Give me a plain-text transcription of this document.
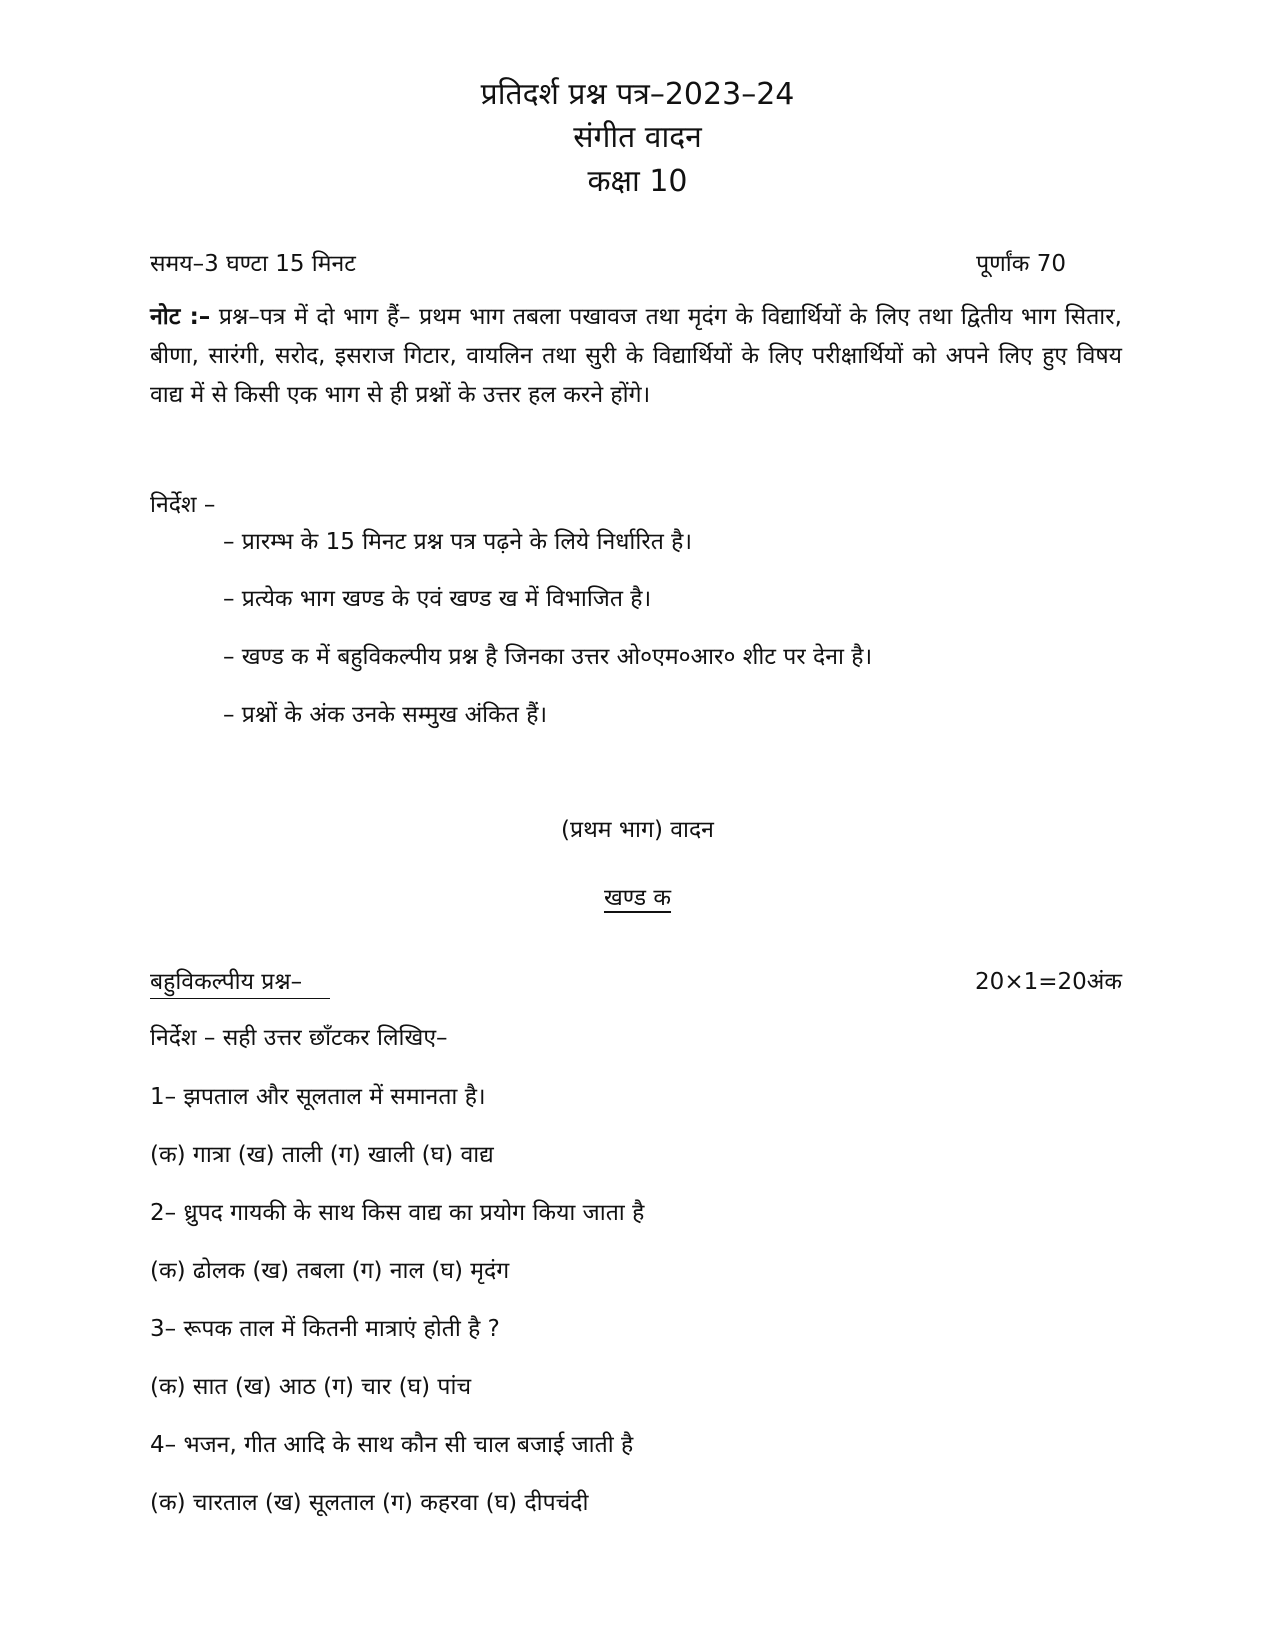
प्रतिदर्श प्रश्न पत्र–2023–24
संगीत वादन
कक्षा 10
समय–3 घण्टा 15 मिनट	पूर्णांक 70
नोट :– प्रश्न–पत्र में दो भाग हैं– प्रथम भाग तबला पखावज तथा मृदंग के विद्यार्थियों के लिए तथा द्वितीय भाग सितार, बीणा, सारंगी, सरोद, इसराज गिटार, वायलिन तथा सुरी के विद्यार्थियों के लिए परीक्षार्थियों को अपने लिए हुए विषय वाद्य में से किसी एक भाग से ही प्रश्नों के उत्तर हल करने होंगे।
निर्देश –
– प्रारम्भ के 15 मिनट प्रश्न पत्र पढ़ने के लिये निर्धारित है।
– प्रत्येक भाग खण्ड के एवं खण्ड ख में विभाजित है।
– खण्ड क में बहुविकल्पीय प्रश्न है जिनका उत्तर ओ०एम०आर० शीट पर देना है।
– प्रश्नों के अंक उनके सम्मुख अंकित हैं।
(प्रथम भाग) वादन
खण्ड क
बहुविकल्पीय प्रश्न–	20×1=20अंक
निर्देश – सही उत्तर छाँटकर लिखिए–
1– झपताल और सूलताल में समानता है।
(क) गात्रा (ख) ताली (ग) खाली (घ) वाद्य
2– ध्रुपद गायकी के साथ किस वाद्य का प्रयोग किया जाता है
(क) ढोलक (ख) तबला (ग) नाल (घ) मृदंग
3– रूपक ताल में कितनी मात्राएं होती है ?
(क) सात (ख) आठ (ग) चार (घ) पांच
4– भजन, गीत आदि के साथ कौन सी चाल बजाई जाती है
(क) चारताल (ख) सूलताल (ग) कहरवा (घ) दीपचंदी
